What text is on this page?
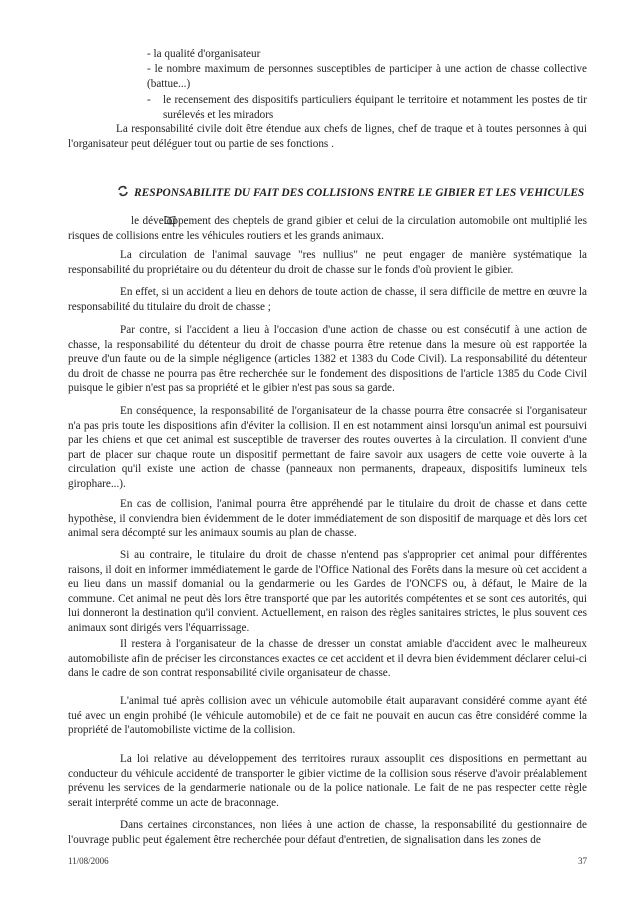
- la qualité d'organisateur
- le nombre maximum de personnes susceptibles de participer à une action de chasse collective (battue...)
- le recensement des dispositifs particuliers équipant le territoire et notamment les postes de tir surélevés et les miradors
La responsabilité civile doit être étendue aux chefs de lignes, chef de traque et à toutes personnes à qui l'organisateur peut déléguer tout ou partie de ses fonctions .
RESPONSABILITE DU FAIT DES COLLISIONS ENTRE LE GIBIER ET LES VEHICULES
le développement des cheptels de grand gibier et celui de la circulation automobile ont multiplié les risques de collisions entre les véhicules routiers et les grands animaux.
La circulation de l'animal sauvage "res nullius" ne peut engager de manière systématique la responsabilité du propriétaire ou du détenteur du droit de chasse sur le fonds d'où provient le gibier.
En effet, si un accident a lieu en dehors de toute action de chasse, il sera difficile de mettre en œuvre la responsabilité du titulaire du droit de chasse ;
Par contre, si l'accident a lieu à l'occasion d'une action de chasse ou est consécutif à une action de chasse, la responsabilité du détenteur du droit de chasse pourra être retenue dans la mesure où est rapportée la preuve d'un faute ou de la simple négligence (articles 1382 et 1383 du Code Civil). La responsabilité du détenteur du droit de chasse ne pourra pas être recherchée sur le fondement des dispositions de l'article 1385 du Code Civil puisque le gibier n'est pas sa propriété et le gibier n'est pas sous sa garde.
En conséquence, la responsabilité de l'organisateur de la chasse pourra être consacrée si l'organisateur n'a pas pris toute les dispositions afin d'éviter la collision. Il en est notamment ainsi lorsqu'un animal est poursuivi par les chiens et que cet animal est susceptible de traverser des routes ouvertes à la circulation. Il convient d'une part de placer sur chaque route un dispositif permettant de faire savoir aux usagers de cette voie ouverte à la circulation qu'il existe une action de chasse (panneaux non permanents, drapeaux, dispositifs lumineux tels girophare...).
En cas de collision, l'animal pourra être appréhendé par le titulaire du droit de chasse et dans cette hypothèse, il conviendra bien évidemment de le doter immédiatement de son dispositif de marquage et dès lors cet animal sera décompté sur les animaux soumis au plan de chasse.
Si au contraire, le titulaire du droit de chasse n'entend pas s'approprier cet animal pour différentes raisons, il doit en informer immédiatement le garde de l'Office National des Forêts dans la mesure où cet accident a eu lieu dans un massif domanial ou la gendarmerie ou les Gardes de l'ONCFS ou, à défaut, le Maire de la commune. Cet animal ne peut dès lors être transporté que par les autorités compétentes et se sont ces autorités, qui lui donneront la destination qu'il convient. Actuellement, en raison des règles sanitaires strictes, le plus souvent ces animaux sont dirigés vers l'équarrissage.
Il restera à l'organisateur de la chasse de dresser un constat amiable d'accident avec le malheureux automobiliste afin de préciser les circonstances exactes ce cet accident et il devra bien évidemment déclarer celui-ci dans le cadre de son contrat responsabilité civile organisateur de chasse.
L'animal tué après collision avec un véhicule automobile était auparavant considéré comme ayant été tué avec un engin prohibé (le véhicule automobile) et de ce fait ne pouvait en aucun cas être considéré comme la propriété de l'automobiliste victime de la collision.
La loi relative au développement des territoires ruraux assouplit ces dispositions en permettant au conducteur du véhicule accidenté de transporter le gibier victime de la collision sous réserve d'avoir préalablement prévenu les services de la gendarmerie nationale ou de la police nationale. Le fait de ne pas respecter cette règle serait interprété comme un acte de braconnage.
Dans certaines circonstances, non liées à une action de chasse, la responsabilité du gestionnaire de l'ouvrage public peut également être recherchée pour défaut d'entretien, de signalisation dans les zones de
11/08/2006	37
